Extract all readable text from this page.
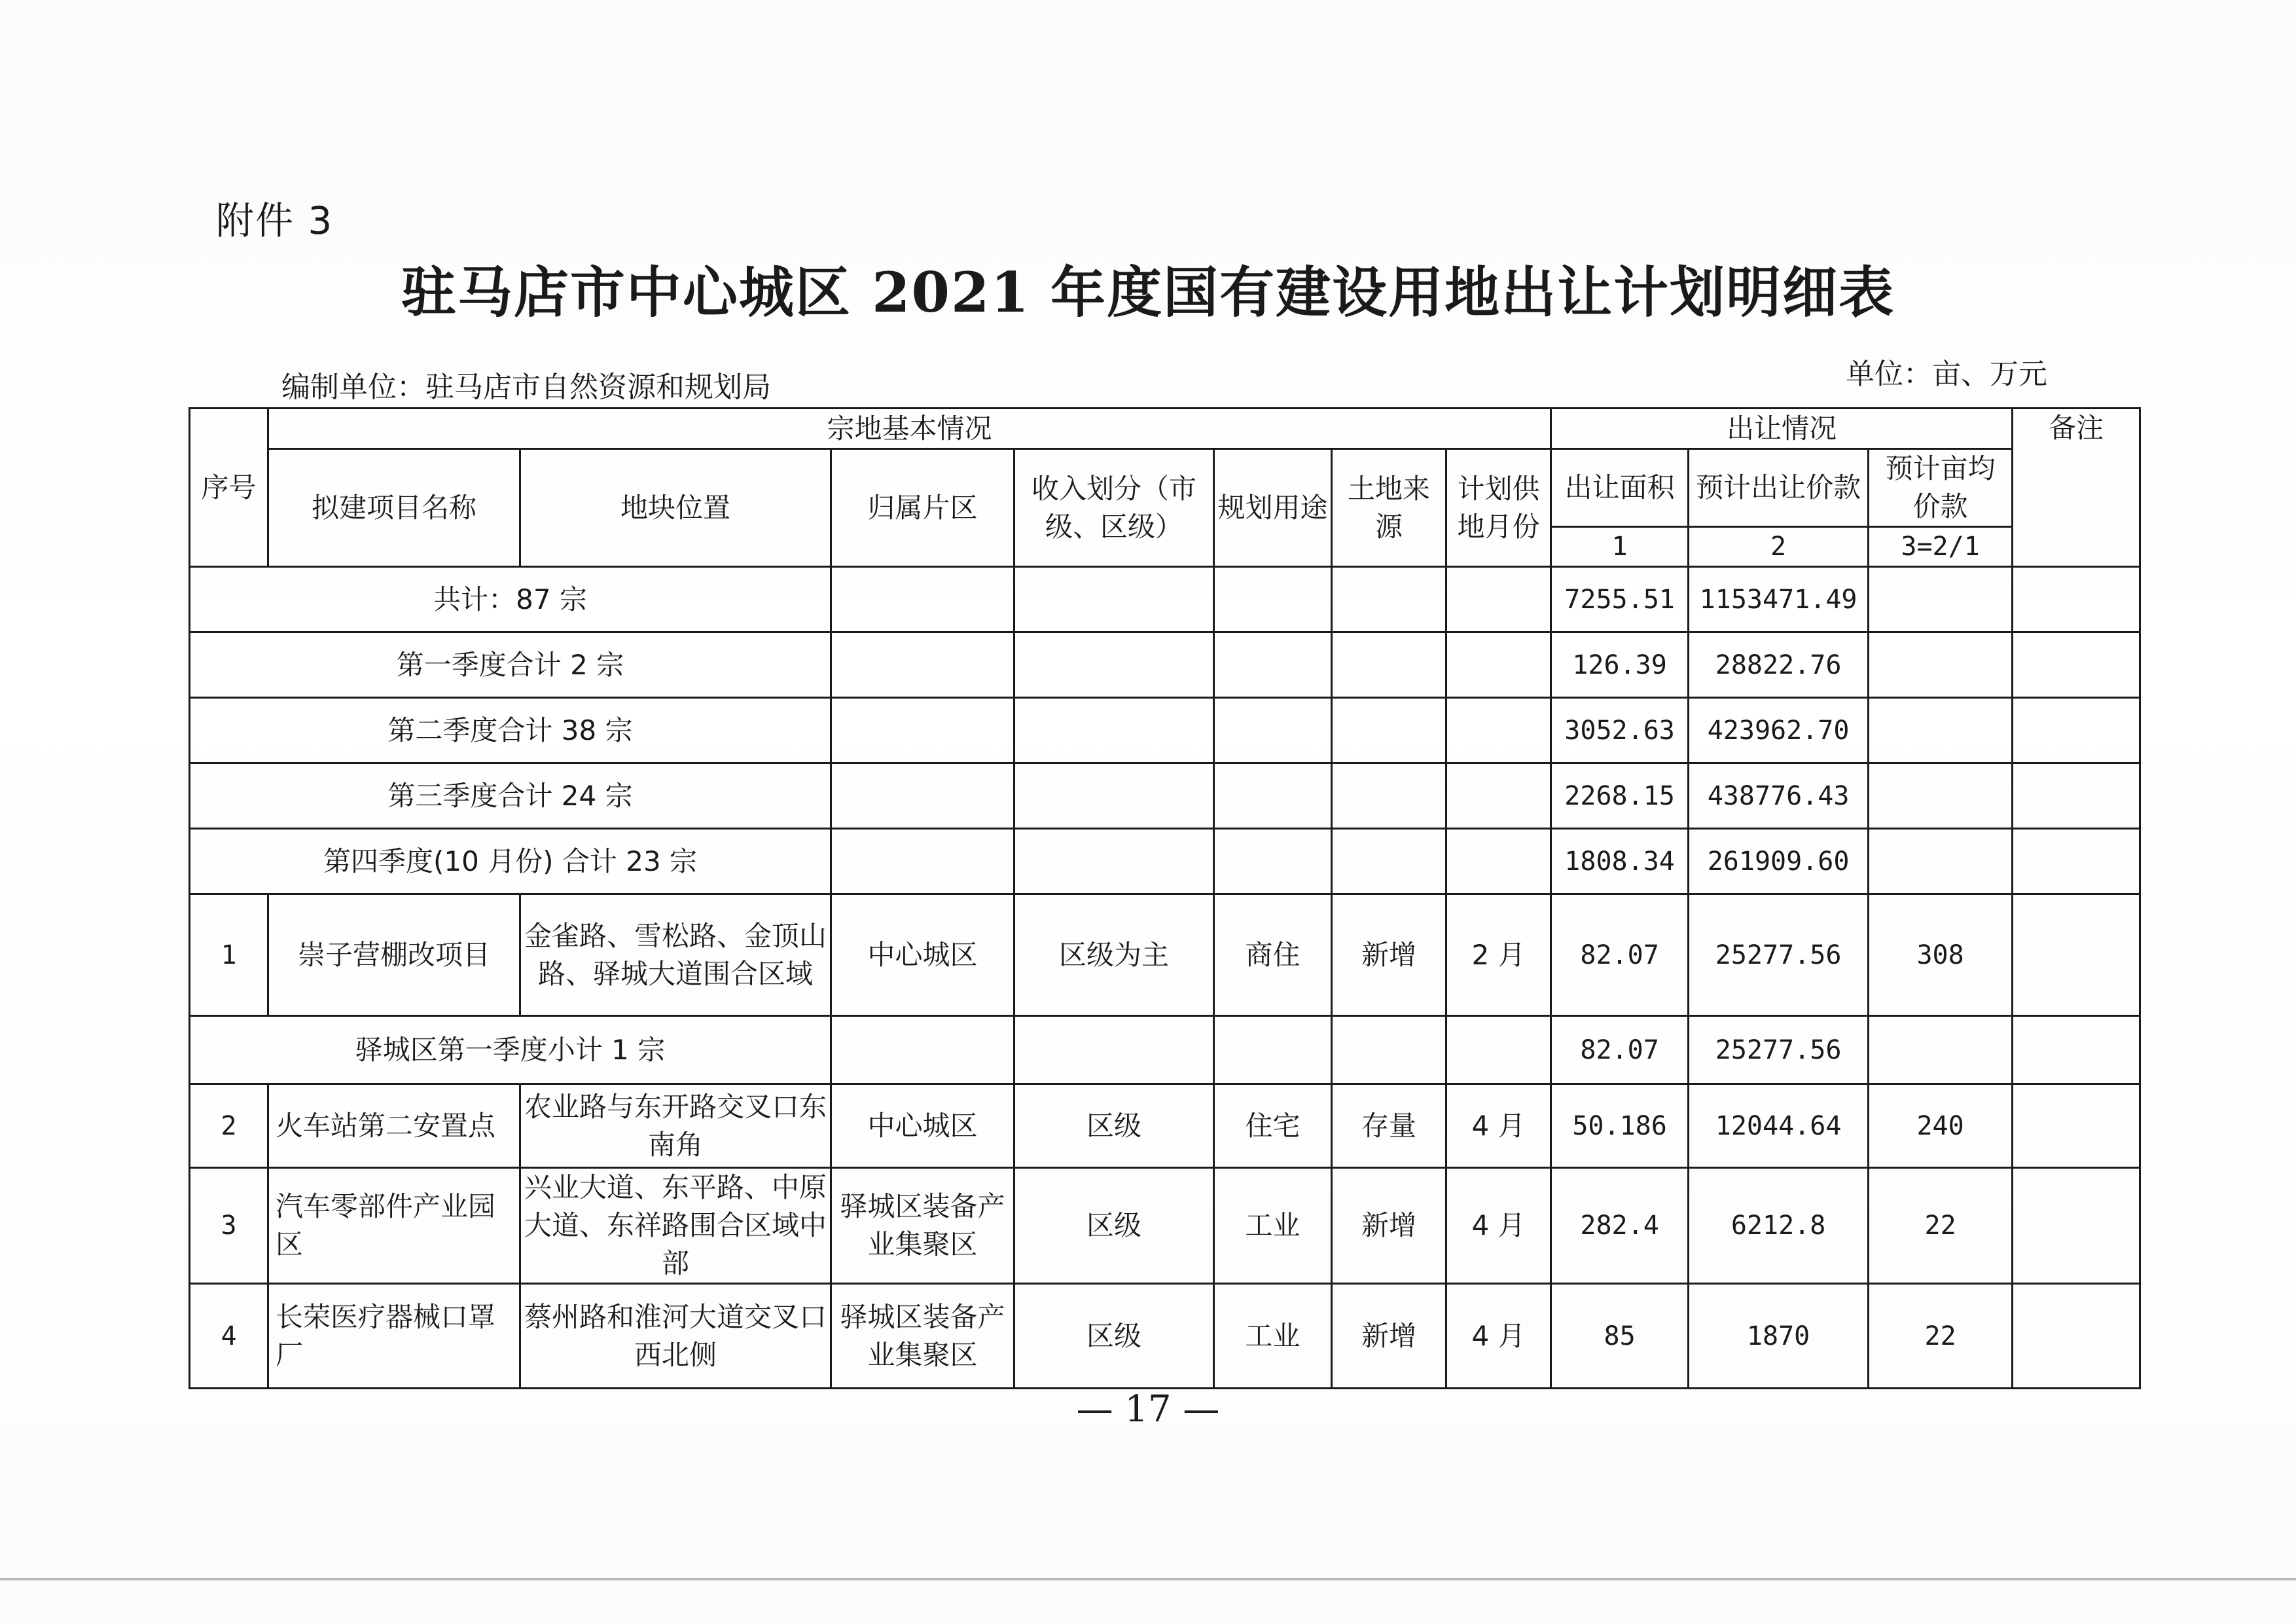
附件 3
驻马店市中心城区 2021 年度国有建设用地出让计划明细表
编制单位：驻马店市自然资源和规划局	单位：亩、万元
序号	宗地基本情况							出让情况			备注
	拟建项目名称	地块位置	归属片区	收入划分（市级、区级）	规划用途	土地来源	计划供地月份	出让面积	预计出让价款	预计亩均价款	
								1	2	3=2/1	
共计：87 宗								7255.51	1153471.49		
第一季度合计 2 宗								126.39	28822.76		
第二季度合计 38 宗								3052.63	423962.70		
第三季度合计 24 宗								2268.15	438776.43		
第四季度(10 月份) 合计 23 宗								1808.34	261909.60		
1	崇子营棚改项目	金雀路、雪松路、金顶山路、驿城大道围合区域	中心城区	区级为主	商住	新增	2 月	82.07	25277.56	308	
驿城区第一季度小计 1 宗								82.07	25277.56		
2	火车站第二安置点	农业路与东开路交叉口东南角	中心城区	区级	住宅	存量	4 月	50.186	12044.64	240	
3	汽车零部件产业园区	兴业大道、东平路、中原大道、东祥路围合区域中部	驿城区装备产业集聚区	区级	工业	新增	4 月	282.4	6212.8	22	
4	长荣医疗器械口罩厂	蔡州路和淮河大道交叉口西北侧	驿城区装备产业集聚区	区级	工业	新增	4 月	85	1870	22	
— 17 —
